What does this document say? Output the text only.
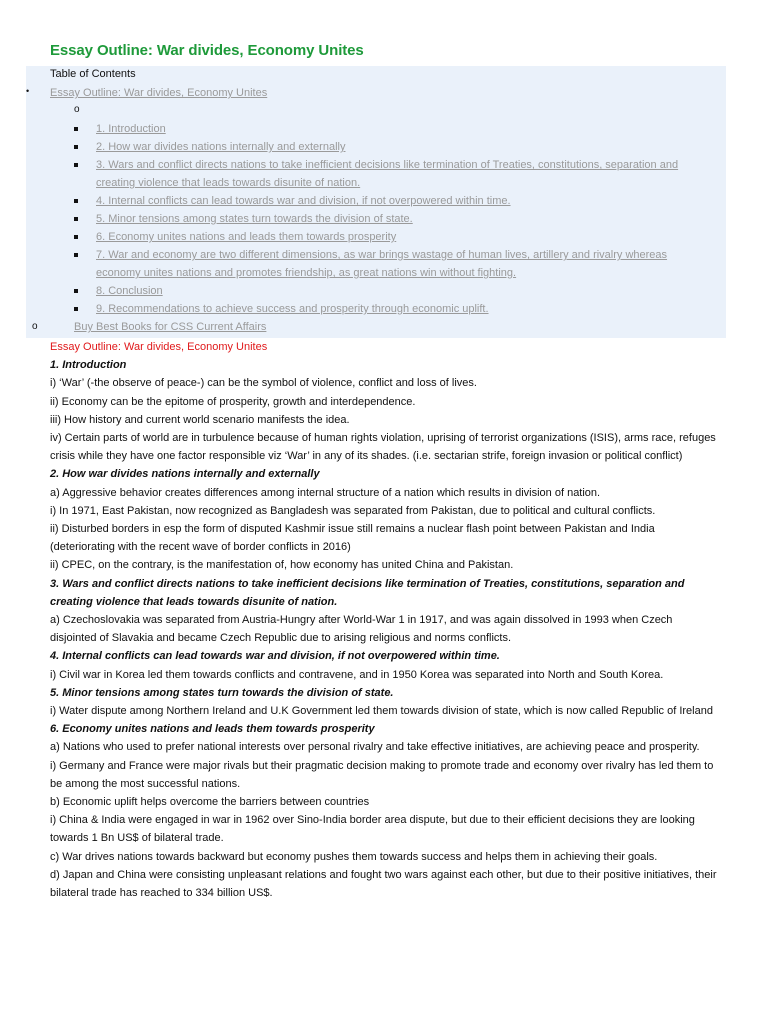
Essay Outline: War divides, Economy Unites
Table of Contents
• Essay Outline: War divides, Economy Unites
o
1. Introduction
2. How war divides nations internally and externally
3. Wars and conflict directs nations to take inefficient decisions like termination of Treaties, constitutions, separation and
creating violence that leads towards disunite of nation.
4. Internal conflicts can lead towards war and division, if not overpowered within time.
5. Minor tensions among states turn towards the division of state.
6. Economy unites nations and leads them towards prosperity
7. War and economy are two different dimensions, as war brings wastage of human lives, artillery and rivalry whereas
economy unites nations and promotes friendship, as great nations win without fighting.
8. Conclusion
9. Recommendations to achieve success and prosperity through economic uplift.
o	Buy Best Books for CSS Current Affairs

Essay Outline: War divides, Economy Unites

1. Introduction

i) ‘War’ (-the observe of peace-) can be the symbol of violence, conflict and loss of lives.

ii) Economy can be the epitome of prosperity, growth and interdependence.

iii) How history and current world scenario manifests the idea.

iv) Certain parts of world are in turbulence because of human rights violation, uprising of terrorist organizations (ISIS), arms race, refuges crisis while they have one factor responsible viz ‘War’ in any of its shades. (i.e. sectarian strife, foreign invasion or political conflict)

2. How war divides nations internally and externally

a) Aggressive behavior creates differences among internal structure of a nation which results in division of nation.

i) In 1971, East Pakistan, now recognized as Bangladesh was separated from Pakistan, due to political and cultural conflicts.

ii) Disturbed borders in esp the form of disputed Kashmir issue still remains a nuclear flash point between Pakistan and India (deteriorating with the recent wave of border conflicts in 2016)

ii) CPEC, on the contrary, is the manifestation of, how economy has united China and Pakistan.

3. Wars and conflict directs nations to take inefficient decisions like termination of Treaties, constitutions, separation and creating violence that leads towards disunite of nation.

a) Czechoslovakia was separated from Austria-Hungry after World-War 1 in 1917, and was again dissolved in 1993 when Czech disjointed of Slavakia and became Czech Republic due to arising religious and norms conflicts.

4. Internal conflicts can lead towards war and division, if not overpowered within time.

i) Civil war in Korea led them towards conflicts and contravene, and in 1950 Korea was separated into North and South Korea.

5. Minor tensions among states turn towards the division of state.

i) Water dispute among Northern Ireland and U.K Government led them towards division of state, which is now called Republic of Ireland

6. Economy unites nations and leads them towards prosperity

a) Nations who used to prefer national interests over personal rivalry and take effective initiatives, are achieving peace and prosperity.

i) Germany and France were major rivals but their pragmatic decision making to promote trade and economy over rivalry has led them to be among the most successful nations.

b) Economic uplift helps overcome the barriers between countries

i) China & India were engaged in war in 1962 over Sino-India border area dispute, but due to their efficient decisions they are looking towards 1 Bn US$ of bilateral trade.

c) War drives nations towards backward but economy pushes them towards success and helps them in achieving their goals.

d) Japan and China were consisting unpleasant relations and fought two wars against each other, but due to their positive initiatives, their bilateral trade has reached to 334 billion US$.
